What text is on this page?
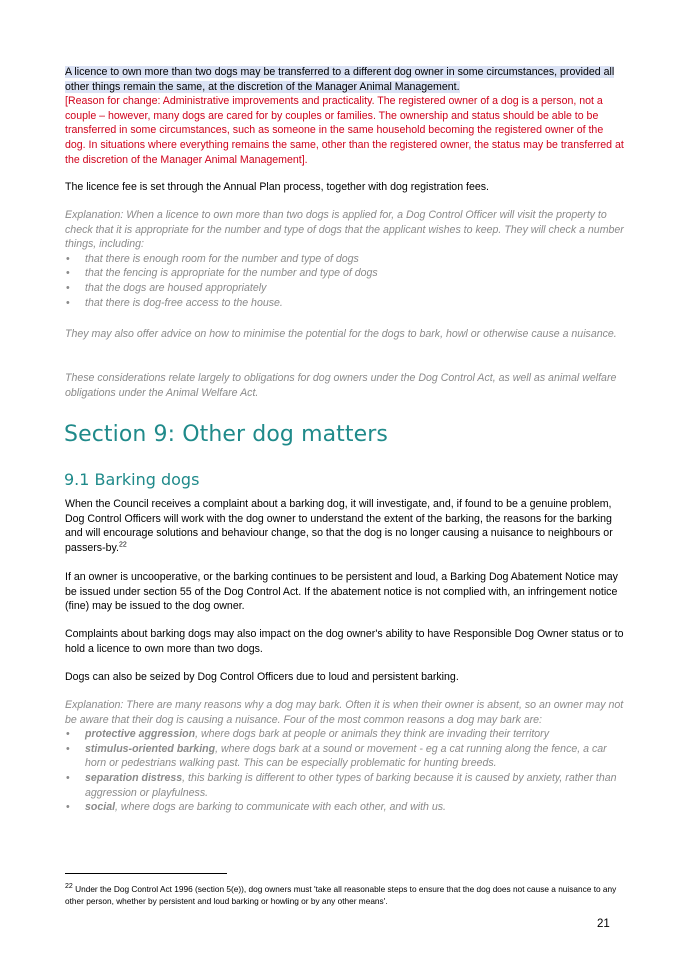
A licence to own more than two dogs may be transferred to a different dog owner in some circumstances, provided all other things remain the same, at the discretion of the Manager Animal Management.

[Reason for change: Administrative improvements and practicality. The registered owner of a dog is a person, not a couple – however, many dogs are cared for by couples or families. The ownership and status should be able to be transferred in some circumstances, such as someone in the same household becoming the registered owner of the dog. In situations where everything remains the same, other than the registered owner, the status may be transferred at the discretion of the Manager Animal Management].

The licence fee is set through the Annual Plan process, together with dog registration fees.

Explanation: When a licence to own more than two dogs is applied for, a Dog Control Officer will visit the property to check that it is appropriate for the number and type of dogs that the applicant wishes to keep. They will check a number things, including:

• that there is enough room for the number and type of dogs
• that the fencing is appropriate for the number and type of dogs
• that the dogs are housed appropriately
• that there is dog-free access to the house.

They may also offer advice on how to minimise the potential for the dogs to bark, howl or otherwise cause a nuisance.

These considerations relate largely to obligations for dog owners under the Dog Control Act, as well as animal welfare obligations under the Animal Welfare Act.

Section 9: Other dog matters
9.1 Barking dogs

When the Council receives a complaint about a barking dog, it will investigate, and, if found to be a genuine problem, Dog Control Officers will work with the dog owner to understand the extent of the barking, the reasons for the barking and will encourage solutions and behaviour change, so that the dog is no longer causing a nuisance to neighbours or passers-by.$^{22}$

If an owner is uncooperative, or the barking continues to be persistent and loud, a Barking Dog Abatement Notice may be issued under section 55 of the Dog Control Act. If the abatement notice is not complied with, an infringement notice (fine) may be issued to the dog owner.

Complaints about barking dogs may also impact on the dog owner's ability to have Responsible Dog Owner status or to hold a licence to own more than two dogs.

Dogs can also be seized by Dog Control Officers due to loud and persistent barking.

Explanation: There are many reasons why a dog may bark. Often it is when their owner is absent, so an owner may not be aware that their dog is causing a nuisance. Four of the most common reasons a dog may bark are:

• protective aggression, where dogs bark at people or animals they think are invading their territory
• stimulus-oriented barking, where dogs bark at a sound or movement - eg a cat running along the fence, a car horn or pedestrians walking past. This can be especially problematic for hunting breeds.
• separation distress, this barking is different to other types of barking because it is caused by anxiety, rather than aggression or playfulness.
• social, where dogs are barking to communicate with each other, and with us.

$^{22}$ Under the Dog Control Act 1996 (section 5(e)), dog owners must 'take all reasonable steps to ensure that the dog does not cause a nuisance to any other person, whether by persistent and loud barking or howling or by any other means'.

21
